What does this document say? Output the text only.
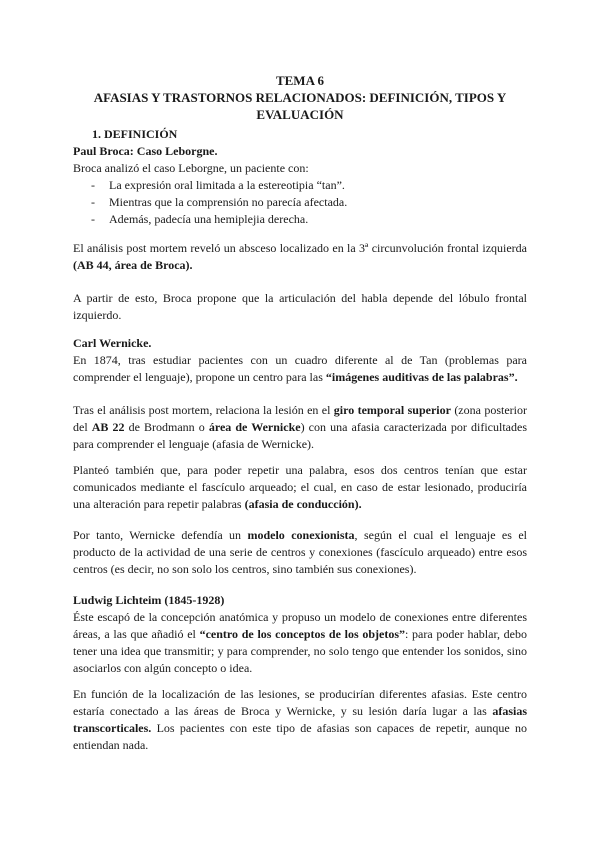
TEMA 6
AFASIAS Y TRASTORNOS RELACIONADOS: DEFINICIÓN, TIPOS Y
EVALUACIÓN
1. DEFINICIÓN
Paul Broca: Caso Leborgne.
Broca analizó el caso Leborgne, un paciente con:
- La expresión oral limitada a la estereotipia “tan”.
- Mientras que la comprensión no parecía afectada.
- Además, padecía una hemiplejia derecha.

El análisis post mortem reveló un absceso localizado en la 3ª circunvolución frontal izquierda (AB 44, área de Broca).

A partir de esto, Broca propone que la articulación del habla depende del lóbulo frontal izquierdo.

Carl Wernicke.

En 1874, tras estudiar pacientes con un cuadro diferente al de Tan (problemas para comprender el lenguaje), propone un centro para las “imágenes auditivas de las palabras”.

Tras el análisis post mortem, relaciona la lesión en el giro temporal superior (zona posterior del AB 22 de Brodmann o área de Wernicke) con una afasia caracterizada por dificultades para comprender el lenguaje (afasia de Wernicke).

Planteó también que, para poder repetir una palabra, esos dos centros tenían que estar comunicados mediante el fascículo arqueado; el cual, en caso de estar lesionado, produciría una alteración para repetir palabras (afasia de conducción).

Por tanto, Wernicke defendía un modelo conexionista, según el cual el lenguaje es el producto de la actividad de una serie de centros y conexiones (fascículo arqueado) entre esos centros (es decir, no son solo los centros, sino también sus conexiones).

Ludwig Lichteim (1845-1928)

Éste escapó de la concepción anatómica y propuso un modelo de conexiones entre diferentes áreas, a las que añadió el “centro de los conceptos de los objetos”: para poder hablar, debo tener una idea que transmitir; y para comprender, no solo tengo que entender los sonidos, sino asociarlos con algún concepto o idea.

En función de la localización de las lesiones, se producirían diferentes afasias. Este centro estaría conectado a las áreas de Broca y Wernicke, y su lesión daría lugar a las afasias transcorticales. Los pacientes con este tipo de afasias son capaces de repetir, aunque no entiendan nada.
